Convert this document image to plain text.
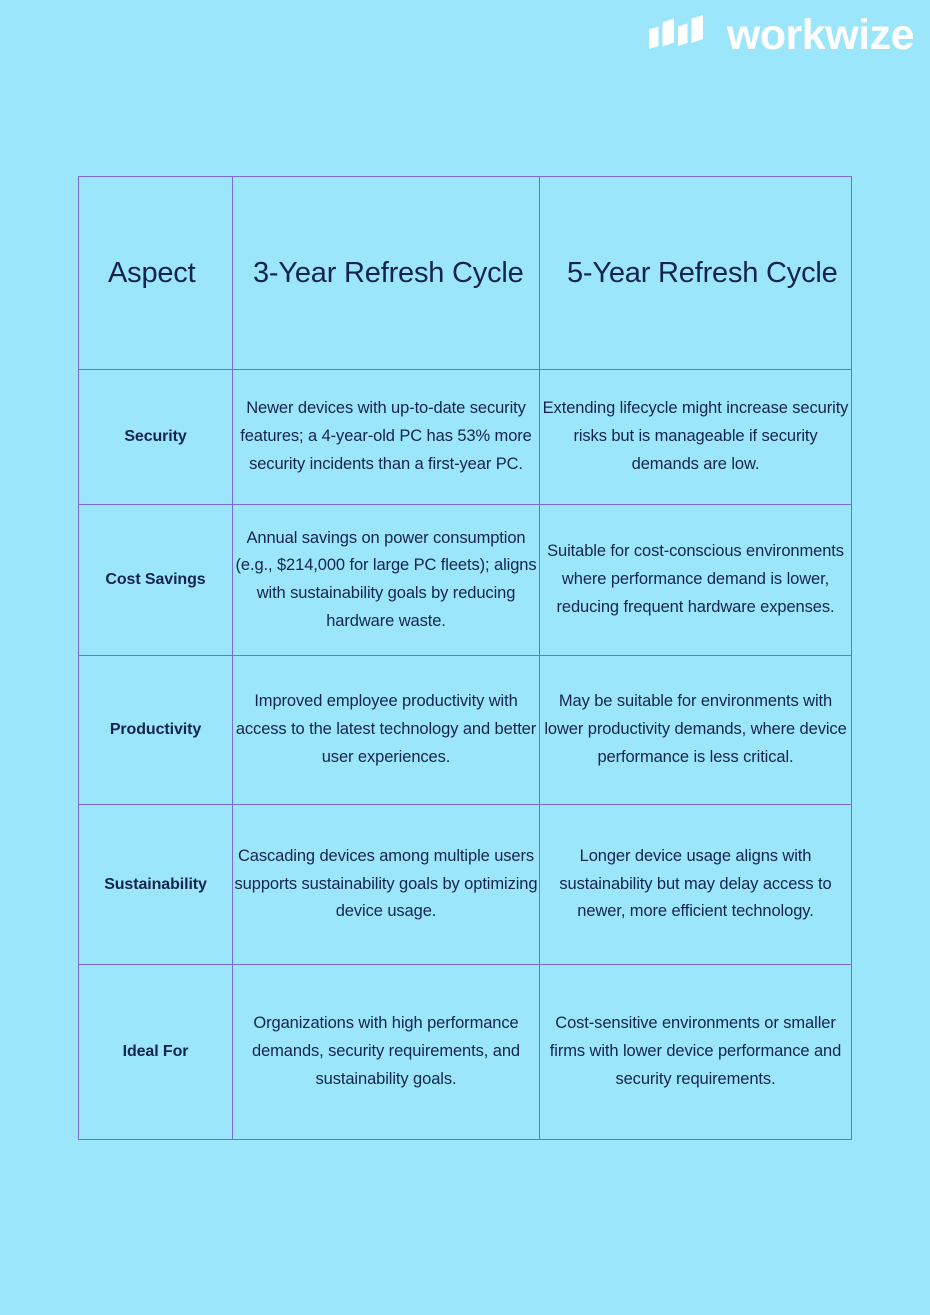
workwize
Aspect	3-Year Refresh Cycle	5-Year Refresh Cycle

Security	Newer devices with up-to-date security features; a 4-year-old PC has 53% more security incidents than a first-year PC.	Extending lifecycle might increase security risks but is manageable if security demands are low.
Cost Savings	Annual savings on power consumption (e.g., $214,000 for large PC fleets); aligns with sustainability goals by reducing hardware waste.	Suitable for cost-conscious environments where performance demand is lower, reducing frequent hardware expenses.
Productivity	Improved employee productivity with access to the latest technology and better user experiences.	May be suitable for environments with lower productivity demands, where device performance is less critical.
Sustainability	Cascading devices among multiple users supports sustainability goals by optimizing device usage.	Longer device usage aligns with sustainability but may delay access to newer, more efficient technology.
Ideal For	Organizations with high performance demands, security requirements, and sustainability goals.	Cost-sensitive environments or smaller firms with lower device performance and security requirements.
